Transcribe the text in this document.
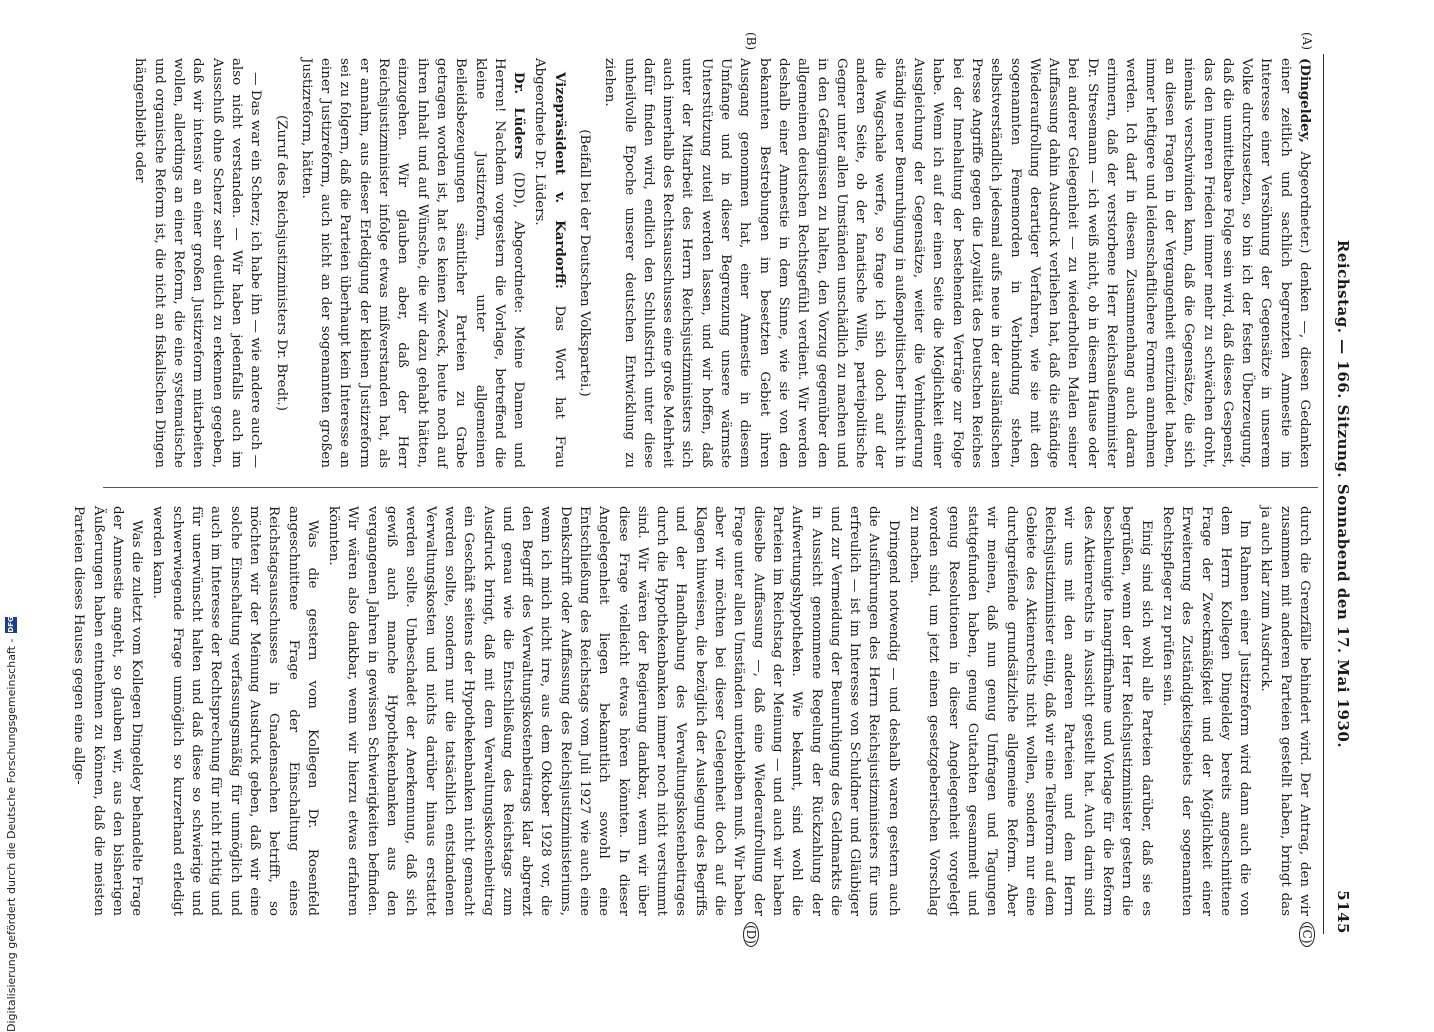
Reichstag. — 166. Sitzung. Sonnabend den 17. Mai 1930.
5145
(A)
(B)
(C)
(D)

(Dingeldey, Abgeordneter.) denken —, diesen Gedanken einer zeitlich und sachlich begrenzten Amnestie im Interesse einer Versöhnung der Gegensätze in unserem Volke durchzusetzen, so bin ich der festen Überzeugung, daß die unmittelbare Folge sein wird, daß dieses Gespenst, das den inneren Frieden immer mehr zu schwächen droht, niemals verschwinden kann, daß die Gegensätze, die sich an diesen Fragen in der Vergangenheit entzündet haben, immer heftigere und leidenschaftlichere Formen annehmen werden. Ich darf in diesem Zusammenhang auch daran erinnern, daß der verstorbene Herr Reichsaußenminister Dr. Stresemann — ich weiß nicht, ob in diesem Hause oder bei anderer Gelegenheit — zu wiederholten Malen seiner Auffassung dahin Ausdruck verliehen hat, daß die ständige Wiederaufrollung derartiger Verfahren, wie sie mit den sogenannten Fememorden in Verbindung stehen, selbstverständlich jedesmal aufs neue in der ausländischen Presse Angriffe gegen die Loyalität des Deutschen Reiches bei der Innehaltung der bestehenden Verträge zur Folge habe. Wenn ich auf der einen Seite die Möglichkeit einer Ausgleichung der Gegensätze, weiter die Verhinderung ständig neuer Beunruhigung in außenpolitischer Hinsicht in die Wagschale werfe, so frage ich sich doch auf der anderen Seite, ob der fanatische Wille, parteipolitische Gegner unter allen Umständen unschädlich zu machen und in den Gefängnissen zu halten, den Vorzug gegenüber den allgemeinen deutschen Rechtsgefühl verdient. Wir werden deshalb einer Amnestie in dem Sinne, wie sie von den bekannten Bestrebungen im besetzten Gebiet ihren Ausgang genommen hat, einer Amnestie in diesem Umfange und in dieser Begrenzung unsere wärmste Unterstützung zuteil werden lassen, und wir hoffen, daß unter der Mitarbeit des Herrn Reichsjustizministers sich auch innerhalb des Rechtsausschusses eine große Mehrheit dafür finden wird, endlich den Schlußstrich unter diese unheilvolle Epoche unserer deutschen Entwicklung zu ziehen.

(Beifall bei der Deutschen Volkspartei.)

Vizepräsident v. Kardorff: Das Wort hat Frau Abgeordnete Dr. Lüders.

Dr. Lüders (DD), Abgeordnete: Meine Damen und Herren! Nachdem vorgestern die Vorlage, betreffend die kleine Justizreform, unter allgemeinen Beileidsbezeugungen sämtlicher Parteien zu Grabe getragen worden ist, hat es keinen Zweck, heute noch auf ihren Inhalt und auf Wünsche, die wir dazu gehabt hätten, einzugehen. Wir glauben aber, daß der Herr Reichsjustizminister infolge etwas mißverstanden hat, als er annahm, aus dieser Erledigung der kleinen Justizreform sei zu folgern, daß die Parteien überhaupt kein Interesse an einer Justizreform, auch nicht an der sogenannten großen Justizreform, hätten.

(Zuruf des Reichsjustizministers Dr. Bredt.)

— Das war ein Scherz; ich habe ihn — wie andere auch — also nicht verstanden. — Wir haben jedenfalls auch im Ausschuß ohne Scherz sehr deutlich zu erkennen gegeben, daß wir intensiv an einer großen Justizreform mitarbeiten wollen, allerdings an einer Reform, die eine systematische und organische Reform ist, die nicht an fiskalischen Dingen hängenbleibt oder

durch die Grenzfälle behindert wird. Der Antrag, den wir zusammen mit anderen Parteien gestellt haben, bringt das ja auch klar zum Ausdruck.

Im Rahmen einer Justizreform wird dann auch die von dem Herrn Kollegen Dingeldey bereits angeschnittene Frage der Zweckmäßigkeit und der Möglichkeit einer Erweiterung des Zuständigkeitsgebiets der sogenannten Rechtspfleger zu prüfen sein.

Einig sind sich wohl alle Parteien darüber, daß sie es begrüßen, wenn der Herr Reichsjustizminister gestern die beschleunigte Inangriffnahme und Vorlage für die Reform des Aktienrechts in Aussicht gestellt hat. Auch darin sind wir uns mit den anderen Parteien und dem Herrn Reichsjustizminister einig, daß wir eine Teilreform auf dem Gebiete des Aktienrechts nicht wollen, sondern nur eine durchgreifende grundsätzliche allgemeine Reform. Aber wir meinen, daß nun genug Umfragen und Tagungen stattgefunden haben, genug Gutachten gesammelt und genug Resolutionen in dieser Angelegenheit vorgelegt worden sind, um jetzt einen gesetzgeberischen Vorschlag zu machen.

Dringend notwendig — und deshalb waren gestern auch die Ausführungen des Herrn Reichsjustizministers für uns erfreulich — ist im Interesse von Schuldner und Gläubiger und zur Vermeidung der Beunruhigung des Geldmarkts die in Aussicht genommene Regelung der Rückzahlung der Aufwertungshypotheken. Wie bekannt, sind wohl die Parteien im Reichstag der Meinung — und auch wir haben dieselbe Auffassung —, daß eine Wiederaufrollung der Frage unter allen Umständen unterbleiben muß. Wir haben aber wir möchten bei dieser Gelegenheit doch auf die Klagen hinweisen, die bezüglich der Auslegung des Begriffs und der Handhabung des Verwaltungskostenbeitrages durch die Hypothekenbanken immer noch nicht verstummt sind. Wir wären der Regierung dankbar, wenn wir über diese Frage vielleicht etwas hören könnten. In dieser Angelegenheit liegen bekanntlich sowohl eine Entschließung des Reichstags vom Juli 1927 wie auch eine Denkschrift oder Auffassung des Reichsjustizministeriums, wenn ich mich nicht irre, aus dem Oktober 1928 vor, die den Begriff des Verwaltungskostenbeitrags klar abgrenzt und genau wie die Entschließung des Reichstags zum Ausdruck bringt, daß mit dem Verwaltungskostenbeitrag ein Geschäft seitens der Hypothekenbanken nicht gemacht werden sollte, sondern nur die tatsächlich entstandenen Verwaltungskosten und nichts darüber hinaus erstattet werden sollte. Unbeschadet der Anerkennung, daß sich gewiß auch manche Hypothekenbanken aus den vergangenen Jahren in gewissen Schwierigkeiten befinden. Wir wären also dankbar, wenn wir hierzu etwas erfahren könnten.

Was die gestern vom Kollegen Dr. Rosenfeld angeschnittene Frage der Einschaltung eines Reichstagsausschusses in Gnadensachen betrifft, so möchten wir der Meinung Ausdruck geben, daß wir eine solche Einschaltung verfassungsmäßig für unmöglich und auch im Interesse der Rechtsprechung für nicht richtig und für unerwünscht halten und daß diese so schwierige und schwerwiegende Frage unmöglich so kurzerhand erledigt werden kann.

Was die zuletzt vom Kollegen Dingeldey behandelte Frage der Amnestie angeht, so glauben wir, aus den bisherigen Äußerungen haben entnehmen zu können, daß die meisten Parteien dieses Hauses gegen eine allge-

Digitalisierung gefördert durch die Deutsche Forschungsgemeinschaft -
DFG
